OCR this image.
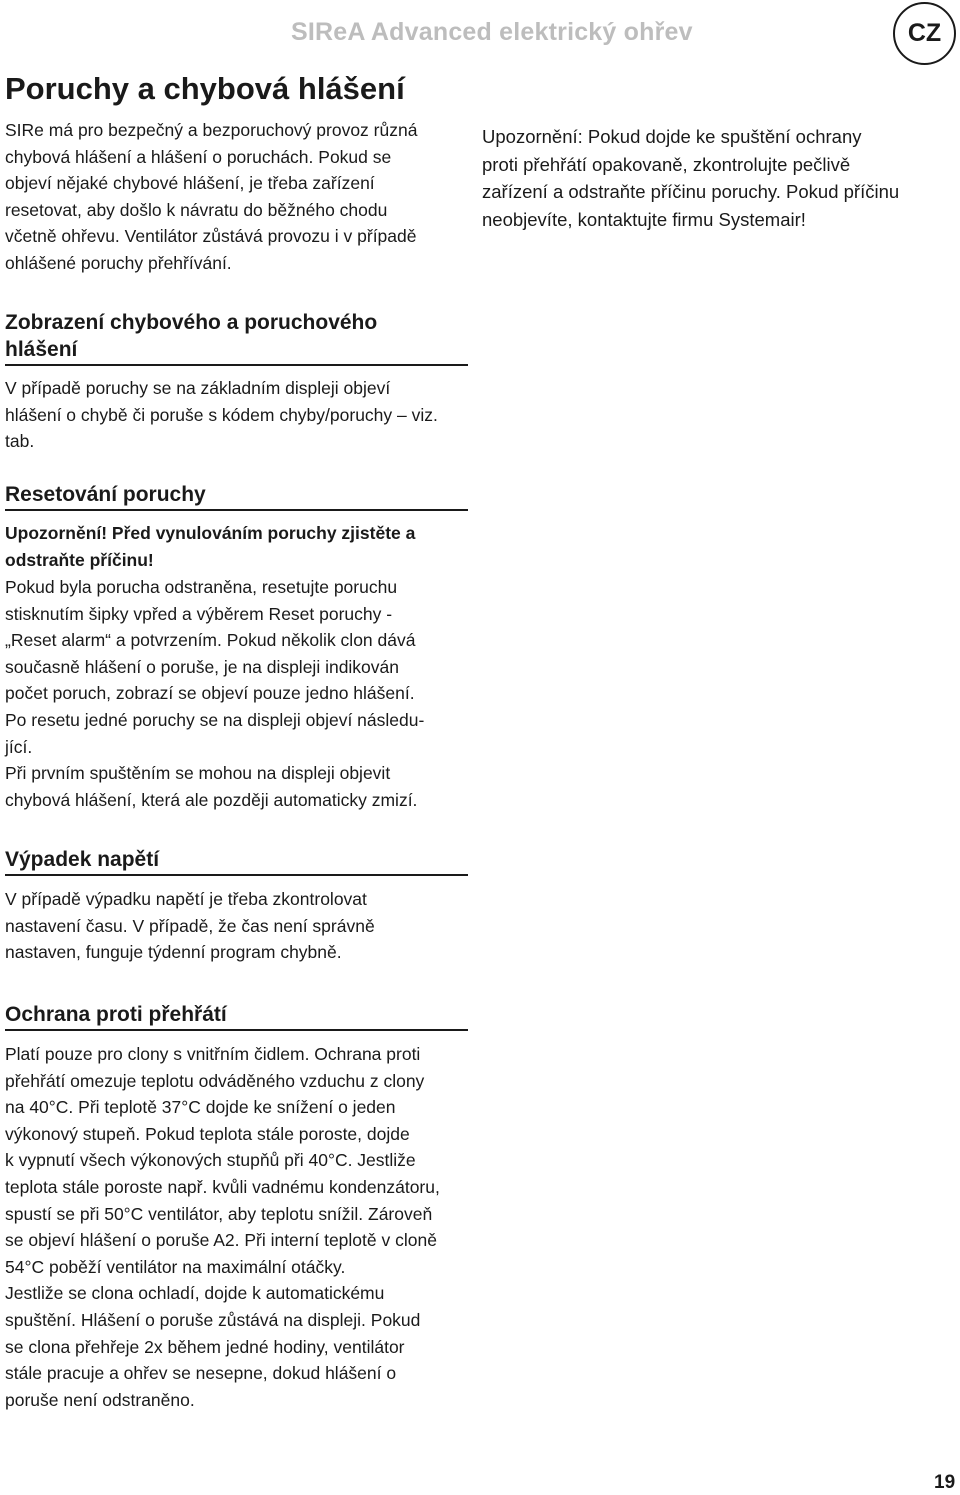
SIReA Advanced elektrický ohřev	CZ
Poruchy a chybová hlášení

SIRe má pro bezpečný a bezporuchový provoz různá
chybová hlášení a hlášení o poruchách. Pokud se
objeví nějaké chybové hlášení, je třeba zařízení
resetovat, aby došlo k návratu do běžného chodu
včetně ohřevu. Ventilátor zůstává provozu i v případě
ohlášené poruchy přehřívání.

Upozornění: Pokud dojde ke spuštění ochrany
proti přehřátí opakovaně, zkontrolujte pečlivě
zařízení a odstraňte příčinu poruchy. Pokud příčinu
neobjevíte, kontaktujte firmu Systemair!

Zobrazení chybového a poruchového
hlášení

V případě poruchy se na základním displeji objeví
hlášení o chybě či poruše s kódem chyby/poruchy – viz.
tab.

Resetování poruchy

Upozornění! Před vynulováním poruchy zjistěte a
odstraňte příčinu!

Pokud byla porucha odstraněna, resetujte poruchu
stisknutím šipky vpřed a výběrem Reset poruchy -
„Reset alarm“ a potvrzením. Pokud několik clon dává
současně hlášení o poruše, je na displeji indikován
počet poruch, zobrazí se objeví pouze jedno hlášení.
Po resetu jedné poruchy se na displeji objeví následu-
jící.
Při prvním spuštěním se mohou na displeji objevit
chybová hlášení, která ale později automaticky zmizí.

Výpadek napětí

V případě výpadku napětí je třeba zkontrolovat
nastavení času. V případě, že čas není správně
nastaven, funguje týdenní program chybně.

Ochrana proti přehřátí

Platí pouze pro clony s vnitřním čidlem. Ochrana proti
přehřátí omezuje teplotu odváděného vzduchu z clony
na 40°C. Při teplotě 37°C dojde ke snížení o jeden
výkonový stupeň. Pokud teplota stále poroste, dojde
k vypnutí všech výkonových stupňů při 40°C. Jestliže
teplota stále poroste např. kvůli vadnému kondenzátoru,
spustí se při 50°C ventilátor, aby teplotu snížil. Zároveň
se objeví hlášení o poruše A2. Při interní teplotě v cloně
54°C poběží ventilátor na maximální otáčky.
Jestliže se clona ochladí, dojde k automatickému
spuštění. Hlášení o poruše zůstává na displeji. Pokud
se clona přehřeje 2x během jedné hodiny, ventilátor
stále pracuje a ohřev se nesepne, dokud hlášení o
poruše není odstraněno.

19
